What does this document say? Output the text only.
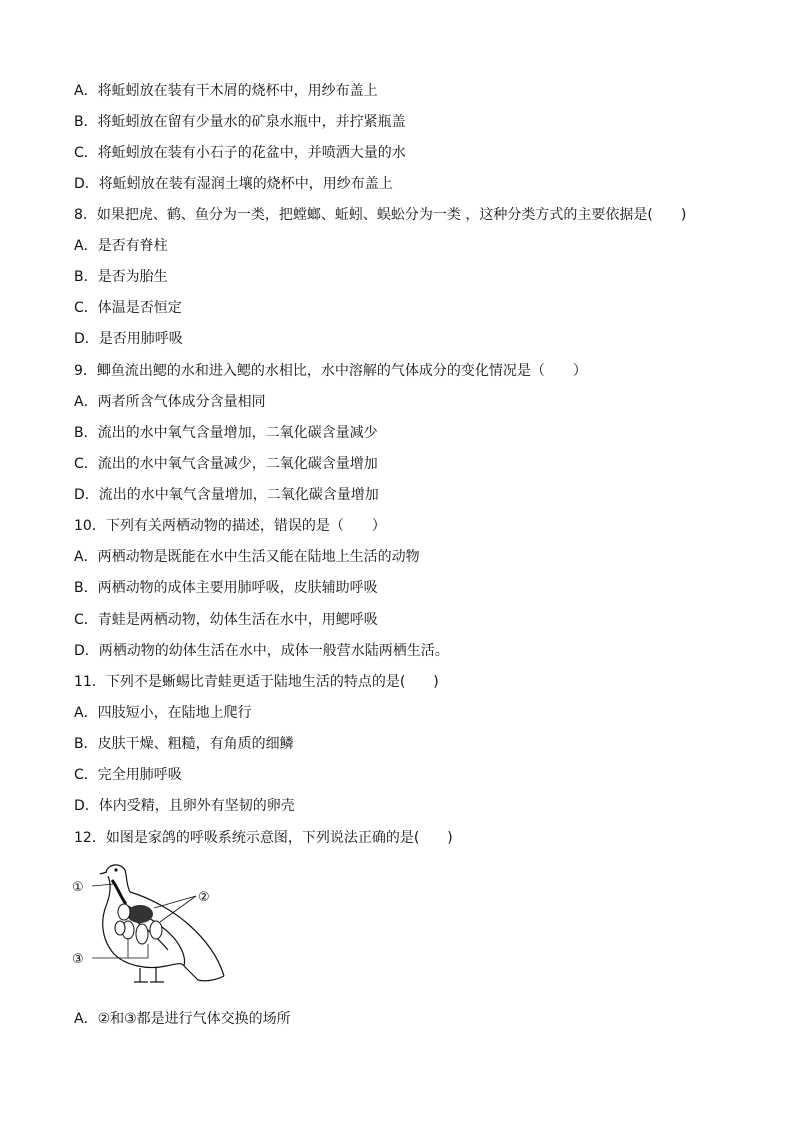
A．将蚯蚓放在装有干木屑的烧杯中，用纱布盖上
B．将蚯蚓放在留有少量水的矿泉水瓶中，并拧紧瓶盖
C．将蚯蚓放在装有小石子的花盆中，并喷洒大量的水
D．将蚯蚓放在装有湿润土壤的烧杯中，用纱布盖上
8．如果把虎、鹤、鱼分为一类，把螳螂、蚯蚓、蜈蚣分为一类 ，这种分类方式的主要依据是(　　)
A．是否有脊柱
B．是否为胎生
C．体温是否恒定
D．是否用肺呼吸
9．鲫鱼流出鳃的水和进入鳃的水相比，水中溶解的气体成分的变化情况是（　　）
A．两者所含气体成分含量相同
B．流出的水中氧气含量增加，二氧化碳含量减少
C．流出的水中氧气含量减少，二氧化碳含量增加
D．流出的水中氧气含量增加，二氧化碳含量增加
10．下列有关两栖动物的描述，错误的是（　　）
A．两栖动物是既能在水中生活又能在陆地上生活的动物
B．两栖动物的成体主要用肺呼吸，皮肤辅助呼吸
C．青蛙是两栖动物，幼体生活在水中，用鳃呼吸
D．两栖动物的幼体生活在水中，成体一般营水陆两栖生活。
11．下列不是蜥蜴比青蛙更适于陆地生活的特点的是(　　)
A．四肢短小，在陆地上爬行
B．皮肤干燥、粗糙，有角质的细鳞
C．完全用肺呼吸
D．体内受精，且卵外有坚韧的卵壳
12．如图是家鸽的呼吸系统示意图，下列说法正确的是(　　)
①
②
③
A．②和③都是进行气体交换的场所
